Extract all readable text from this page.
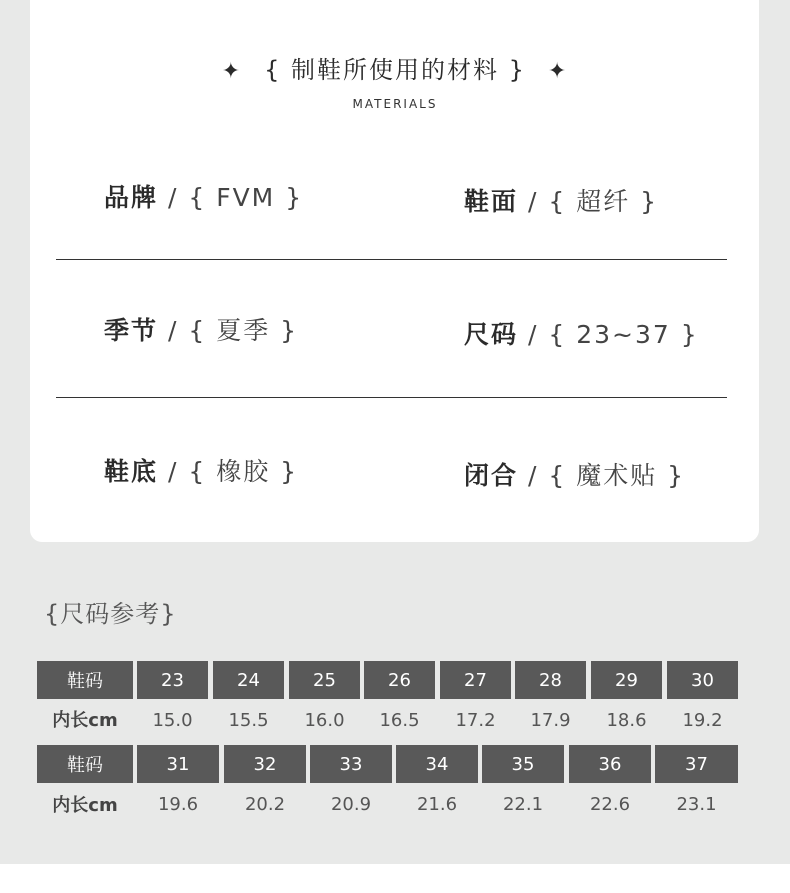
✦ { 制鞋所使用的材料 } ✦
MATERIALS
品牌 / { FVM }	鞋面 / { 超纤 }
季节 / { 夏季 }	尺码 / { 23~37 }
鞋底 / { 橡胶 }	闭合 / { 魔术贴 }
{尺码参考}
鞋码	23	24	25	26	27	28	29	30
内长cm	15.0	15.5	16.0	16.5	17.2	17.9	18.6	19.2
鞋码	31	32	33	34	35	36	37
内长cm	19.6	20.2	20.9	21.6	22.1	22.6	23.1
